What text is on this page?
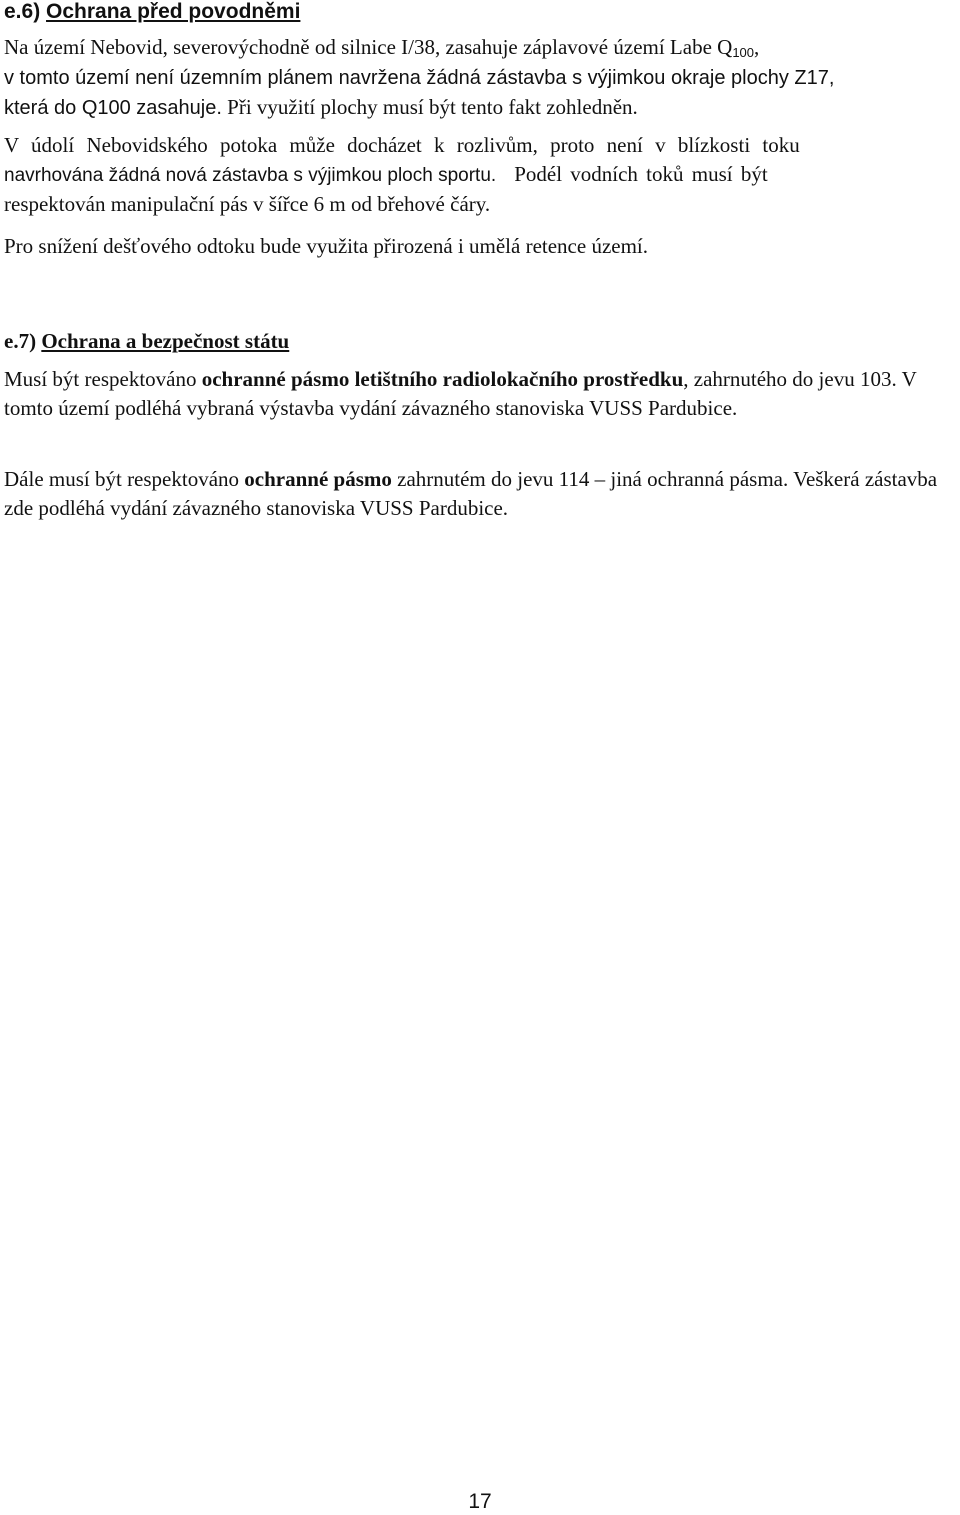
e.6) Ochrana před povodněmi
Na území Nebovid, severovýchodně od silnice I/38, zasahuje záplavové území Labe $Q_{100}$,
v tomto území není územním plánem navržena žádná zástavba s výjimkou okraje plochy Z17,
která do Q100 zasahuje. Při využití plochy musí být tento fakt zohledněn.
V údolí Nebovidského potoka může docházet k rozlivům, proto není v blízkosti toku
navrhována žádná nová zástavba s výjimkou ploch sportu. Podél vodních toků musí být
respektován manipulační pás v šířce 6 m od břehové čáry.
Pro snížení dešťového odtoku bude využita přirozená i umělá retence území.
e.7) Ochrana a bezpečnost státu
Musí být respektováno ochranné pásmo letištního radiolokačního prostředku, zahrnutého do jevu 103. V tomto území podléhá vybraná výstavba vydání závazného stanoviska VUSS Pardubice.
Dále musí být respektováno ochranné pásmo zahrnutém do jevu 114 – jiná ochranná pásma. Veškerá zástavba zde podléhá vydání závazného stanoviska VUSS Pardubice.
17
